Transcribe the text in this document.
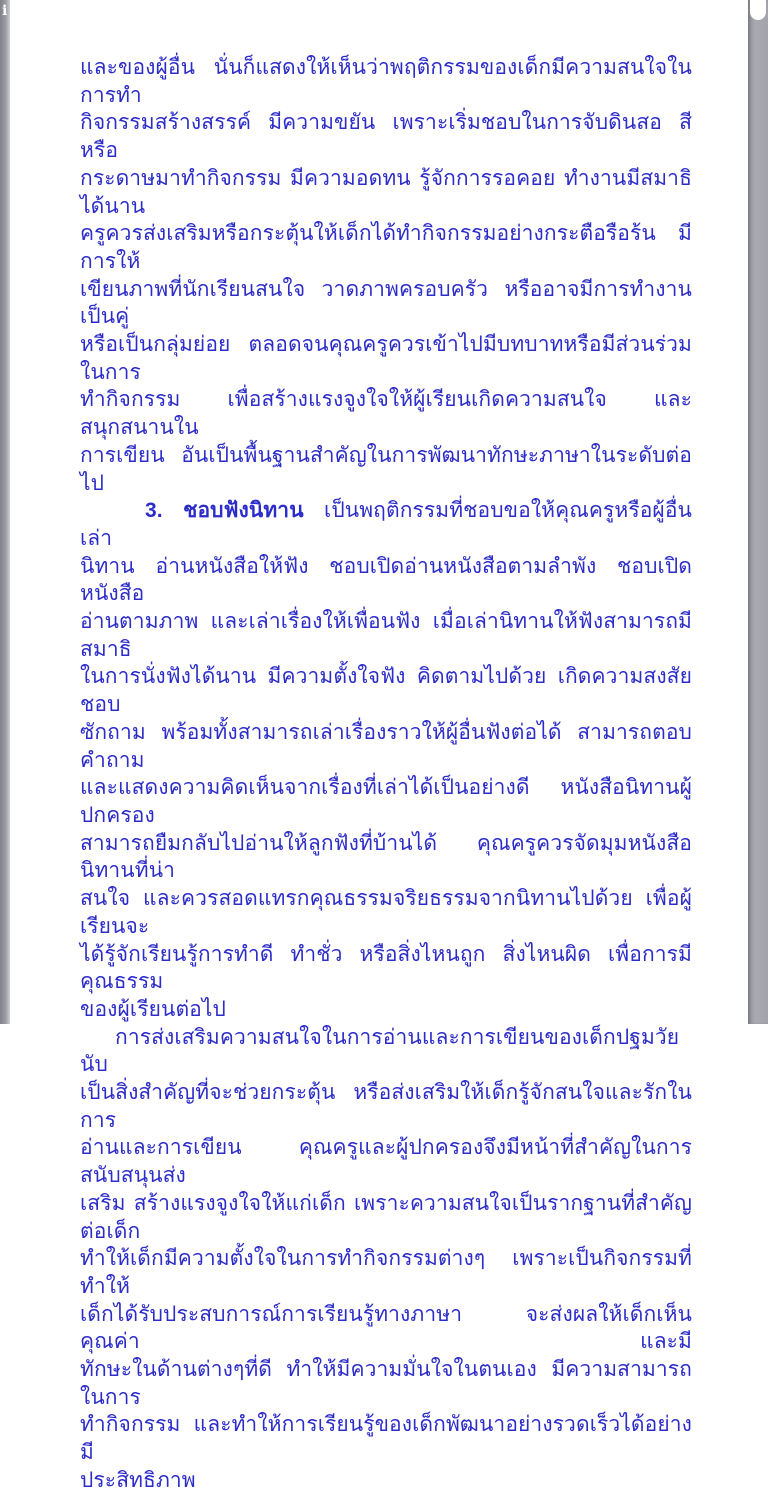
i
และของผู้อื่น นั่นก็แสดงให้เห็นว่าพฤติกรรมของเด็กมีความสนใจในการทำ
กิจกรรมสร้างสรรค์ มีความขยัน เพราะเริ่มชอบในการจับดินสอ สี หรือ
กระดาษมาทำกิจกรรม มีความอดทน รู้จักการรอคอย ทำงานมีสมาธิได้นาน
ครูควรส่งเสริมหรือกระตุ้นให้เด็กได้ทำกิจกรรมอย่างกระตือรือร้น มีการให้
เขียนภาพที่นักเรียนสนใจ วาดภาพครอบครัว หรืออาจมีการทำงานเป็นคู่
หรือเป็นกลุ่มย่อย ตลอดจนคุณครูควรเข้าไปมีบทบาทหรือมีส่วนร่วมในการ
ทำกิจกรรม เพื่อสร้างแรงจูงใจให้ผู้เรียนเกิดความสนใจ และสนุกสนานใน
การเขียน อันเป็นพื้นฐานสำคัญในการพัฒนาทักษะภาษาในระดับต่อไป
3. ชอบฟังนิทาน เป็นพฤติกรรมที่ชอบขอให้คุณครูหรือผู้อื่นเล่า
นิทาน อ่านหนังสือให้ฟัง ชอบเปิดอ่านหนังสือตามลำพัง ชอบเปิดหนังสือ
อ่านตามภาพ และเล่าเรื่องให้เพื่อนฟัง เมื่อเล่านิทานให้ฟังสามารถมีสมาธิ
ในการนั่งฟังได้นาน มีความตั้งใจฟัง คิดตามไปด้วย เกิดความสงสัย ชอบ
ซักถาม พร้อมทั้งสามารถเล่าเรื่องราวให้ผู้อื่นฟังต่อได้ สามารถตอบคำถาม
และแสดงความคิดเห็นจากเรื่องที่เล่าได้เป็นอย่างดี หนังสือนิทานผู้ปกครอง
สามารถยืมกลับไปอ่านให้ลูกฟังที่บ้านได้ คุณครูควรจัดมุมหนังสือนิทานที่น่า
สนใจ และควรสอดแทรกคุณธรรมจริยธรรมจากนิทานไปด้วย เพื่อผู้เรียนจะ
ได้รู้จักเรียนรู้การทำดี ทำชั่ว หรือสิ่งไหนถูก สิ่งไหนผิด เพื่อการมีคุณธรรม
ของผู้เรียนต่อไป
การส่งเสริมความสนใจในการอ่านและการเขียนของเด็กปฐมวัย นับ
เป็นสิ่งสำคัญที่จะช่วยกระตุ้น หรือส่งเสริมให้เด็กรู้จักสนใจและรักในการ
อ่านและการเขียน คุณครูและผู้ปกครองจึงมีหน้าที่สำคัญในการสนับสนุนส่ง
เสริม สร้างแรงจูงใจให้แก่เด็ก เพราะความสนใจเป็นรากฐานที่สำคัญต่อเด็ก
ทำให้เด็กมีความตั้งใจในการทำกิจกรรมต่างๆ เพราะเป็นกิจกรรมที่ทำให้
เด็กได้รับประสบการณ์การเรียนรู้ทางภาษา จะส่งผลให้เด็กเห็นคุณค่า และมี
ทักษะในด้านต่างๆที่ดี ทำให้มีความมั่นใจในตนเอง มีความสามารถในการ
ทำกิจกรรม และทำให้การเรียนรู้ของเด็กพัฒนาอย่างรวดเร็วได้อย่างมี
ประสิทธิภาพ
